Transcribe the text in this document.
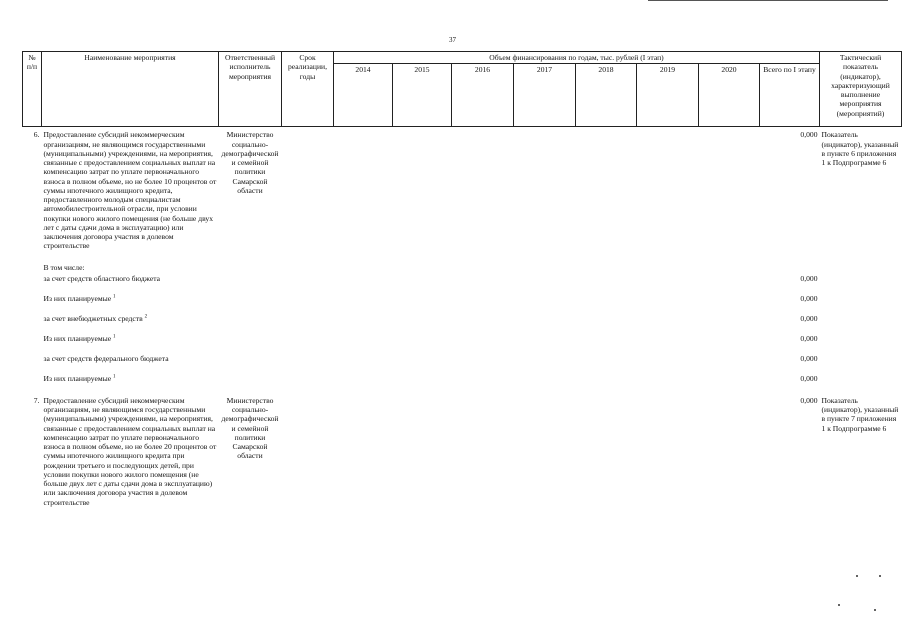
37
№ п/п	Наименование мероприятия	Ответственный исполнитель мероприятия	Срок реализации, годы	Объем финансирования по годам, тыс. рублей (I этап)								Тактический показатель (индикатор), характеризующий выполнение мероприятия (мероприятий)
				2014	2015	2016	2017	2018	2019	2020	Всего по I этапу	
6.	Предоставление субсидий некоммерческим организациям, не являющимся государственными (муниципальными) учреждениями, на мероприятия, связанные с предоставлением социальных выплат на компенсацию затрат по уплате первоначального взноса в полном объеме, но не более 10 процентов от суммы ипотечного жилищного кредита, предоставленного молодым специалистам автомобилестроительной отрасли, при условии покупки нового жилого помещения (не больше двух лет с даты сдачи дома в эксплуатацию) или заключения договора участия в долевом строительстве	Министерство социально-демографической и семейной политики Самарской области									0,000	Показатель (индикатор), указанный в пункте 6 приложения 1 к Подпрограмме 6

	В том числе:											
	за счет средств областного бюджета										0,000	
	Из них планируемые $^1$										0,000	
	за счет внебюджетных средств $^2$										0,000	
	Из них планируемые $^1$										0,000	
	за счет средств федерального бюджета										0,000	
	Из них планируемые $^1$										0,000	
7.	Предоставление субсидий некоммерческим организациям, не являющимся государственными (муниципальными) учреждениями, на мероприятия, связанные с предоставлением социальных выплат на компенсацию затрат по уплате первоначального взноса в полном объеме, но не более 20 процентов от суммы ипотечного жилищного кредита при рождении третьего и последующих детей, при условии покупки нового жилого помещения (не больше двух лет с даты сдачи дома в эксплуатацию) или заключения договора участия в долевом строительстве	Министерство социально-демографической и семейной политики Самарской области									0,000	Показатель (индикатор), указанный в пункте 7 приложения 1 к Подпрограмме 6
